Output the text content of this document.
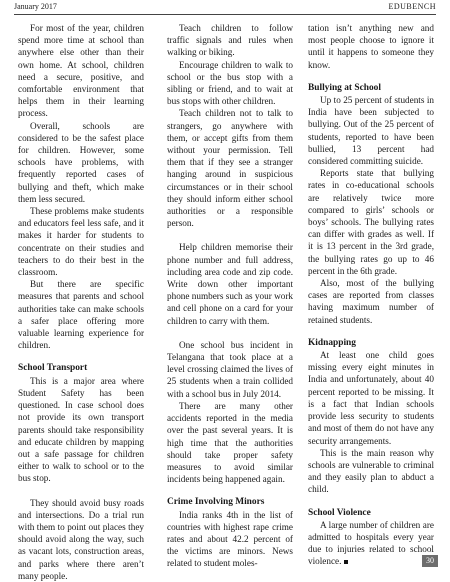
January 2017	EDUBENCH

For most of the year, children spend more time at school than anywhere else other than their own home. At school, children need a secure, positive, and comfortable environment that helps them in their learning process.

Overall, schools are considered to be the safest place for children. However, some schools have problems, with frequently reported cases of bullying and theft, which make them less secured.

These problems make students and educators feel less safe, and it makes it harder for students to concentrate on their studies and teachers to do their best in the classroom.

But there are specific measures that parents and school authorities take can make schools a safer place offering more valuable learning experience for children.

School Transport

This is a major area where Student Safety has been questioned. In case school does not provide its own transport parents should take responsibility and educate children by mapping out a safe passage for children either to walk to school or to the bus stop.

They should avoid busy roads and intersections. Do a trial run with them to point out places they should avoid along the way, such as vacant lots, construction areas, and parks where there aren’t many people.

Teach children to follow traffic signals and rules when walking or biking.

Encourage children to walk to school or the bus stop with a sibling or friend, and to wait at bus stops with other children.

Teach children not to talk to strangers, go anywhere with them, or accept gifts from them without your permission. Tell them that if they see a stranger hanging around in suspicious circumstances or in their school they should inform either school authorities or a responsible person.

Help children memorise their phone number and full address, including area code and zip code. Write down other important phone numbers such as your work and cell phone on a card for your children to carry with them.

One school bus incident in Telangana that took place at a level crossing claimed the lives of 25 students when a train collided with a school bus in July 2014.

There are many other accidents reported in the media over the past several years. It is high time that the authorities should take proper safety measures to avoid similar incidents being happened again.

Crime Involving Minors

India ranks 4th in the list of countries with highest rape crime rates and about 42.2 percent of the victims are minors. News related to student moles-

tation isn’t anything new and most people choose to ignore it until it happens to someone they know.

Bullying at School

Up to 25 percent of students in India have been subjected to bullying. Out of the 25 percent of students, reported to have been bullied, 13 percent had considered committing suicide.

Reports state that bullying rates in co-educational schools are relatively twice more compared to girls’ schools or boys’ schools. The bullying rates can differ with grades as well. If it is 13 percent in the 3rd grade, the bullying rates go up to 46 percent in the 6th grade.

Also, most of the bullying cases are reported from classes having maximum number of retained students.

Kidnapping

At least one child goes missing every eight minutes in India and unfortunately, about 40 percent reported to be missing. It is a fact that Indian schools provide less security to students and most of them do not have any security arrangements.

This is the main reason why schools are vulnerable to criminal and they easily plan to abduct a child.

School Violence

A large number of children are admitted to hospitals every year due to injuries related to school violence.	30
